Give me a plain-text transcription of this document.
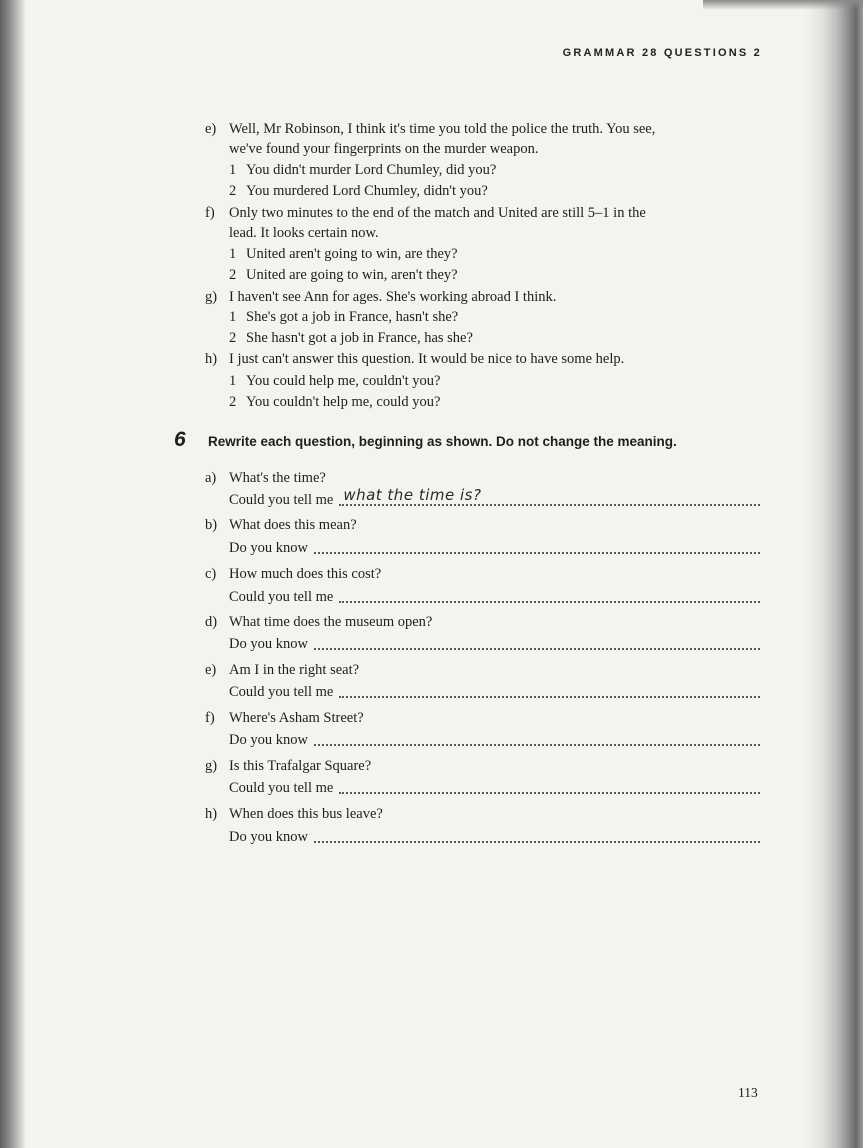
GRAMMAR 28 QUESTIONS 2
e) Well, Mr Robinson, I think it's time you told the police the truth. You see,
we've found your fingerprints on the murder weapon.
1 You didn't murder Lord Chumley, did you?
2 You murdered Lord Chumley, didn't you?
f) Only two minutes to the end of the match and United are still 5–1 in the
lead. It looks certain now.
1 United aren't going to win, are they?
2 United are going to win, aren't they?
g) I haven't see Ann for ages. She's working abroad I think.
1 She's got a job in France, hasn't she?
2 She hasn't got a job in France, has she?
h) I just can't answer this question. It would be nice to have some help.
1 You could help me, couldn't you?
2 You couldn't help me, could you?
6 Rewrite each question, beginning as shown. Do not change the meaning.
a) What's the time?
Could you tell me what the time is?
b) What does this mean?
Do you know
c) How much does this cost?
Could you tell me
d) What time does the museum open?
Do you know
e) Am I in the right seat?
Could you tell me
f) Where's Asham Street?
Do you know
g) Is this Trafalgar Square?
Could you tell me
h) When does this bus leave?
Do you know
113
